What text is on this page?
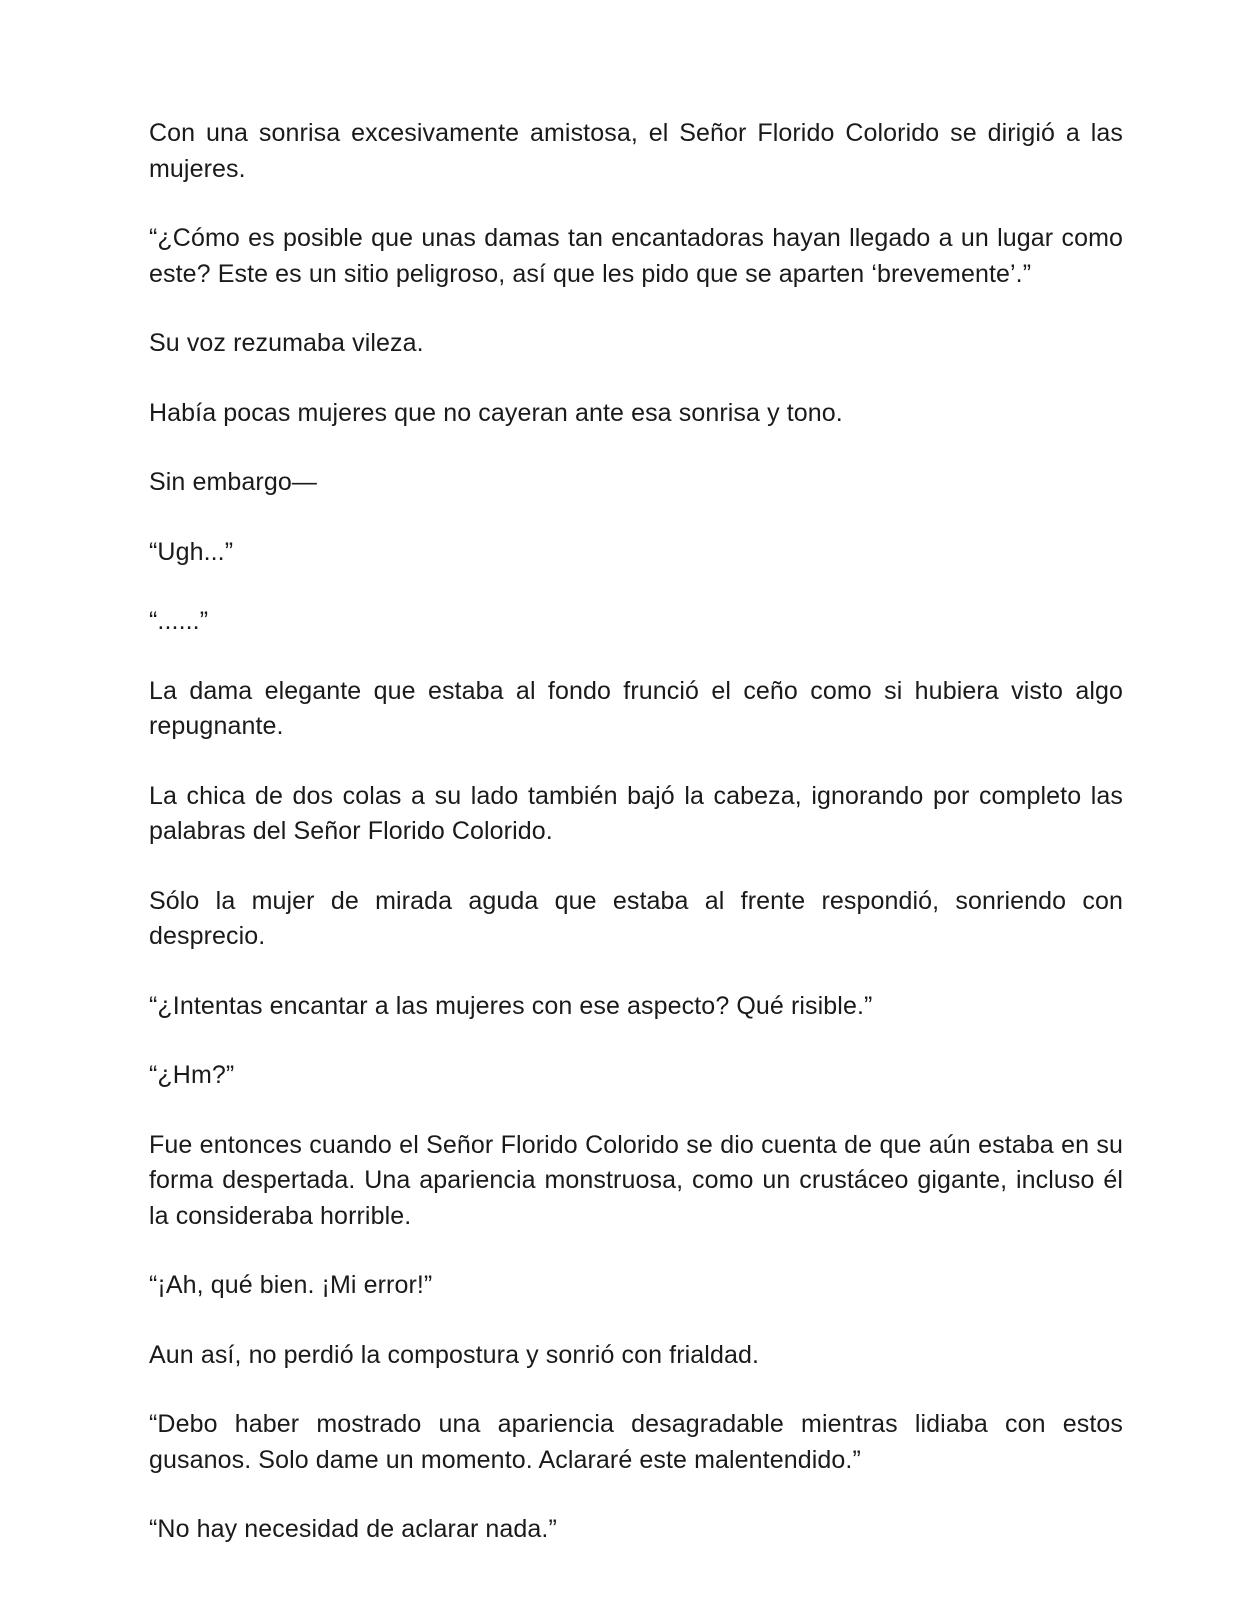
Con una sonrisa excesivamente amistosa, el Señor Florido Colorido se dirigió a las mujeres.

“¿Cómo es posible que unas damas tan encantadoras hayan llegado a un lugar como este? Este es un sitio peligroso, así que les pido que se aparten ‘brevemente’.”

Su voz rezumaba vileza.

Había pocas mujeres que no cayeran ante esa sonrisa y tono.

Sin embargo—

“Ugh...”

“......”

La dama elegante que estaba al fondo frunció el ceño como si hubiera visto algo repugnante.

La chica de dos colas a su lado también bajó la cabeza, ignorando por completo las palabras del Señor Florido Colorido.

Sólo la mujer de mirada aguda que estaba al frente respondió, sonriendo con desprecio.

“¿Intentas encantar a las mujeres con ese aspecto? Qué risible.”

“¿Hm?”

Fue entonces cuando el Señor Florido Colorido se dio cuenta de que aún estaba en su forma despertada. Una apariencia monstruosa, como un crustáceo gigante, incluso él la consideraba horrible.

“¡Ah, qué bien. ¡Mi error!”

Aun así, no perdió la compostura y sonrió con frialdad.

“Debo haber mostrado una apariencia desagradable mientras lidiaba con estos gusanos. Solo dame un momento. Aclararé este malentendido.”

“No hay necesidad de aclarar nada.”
